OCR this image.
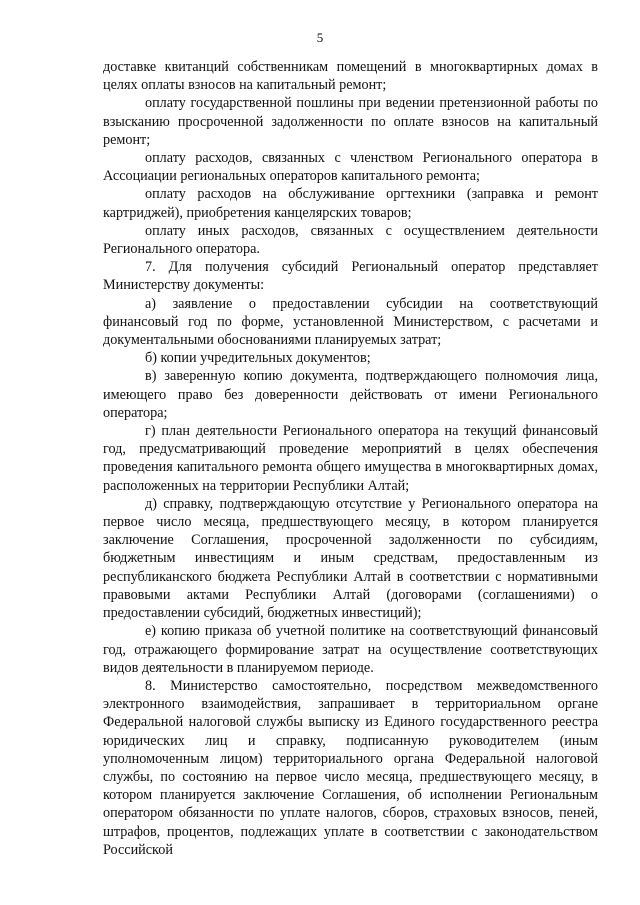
5

доставке квитанций собственникам помещений в многоквартирных домах в целях оплаты взносов на капитальный ремонт;

оплату государственной пошлины при ведении претензионной работы по взысканию просроченной задолженности по оплате взносов на капитальный ремонт;

оплату расходов, связанных с членством Регионального оператора в Ассоциации региональных операторов капитального ремонта;

оплату расходов на обслуживание оргтехники (заправка и ремонт картриджей), приобретения канцелярских товаров;

оплату иных расходов, связанных с осуществлением деятельности Регионального оператора.

7. Для получения субсидий Региональный оператор представляет Министерству документы:

а) заявление о предоставлении субсидии на соответствующий финансовый год по форме, установленной Министерством, с расчетами и документальными обоснованиями планируемых затрат;

б) копии учредительных документов;

в) заверенную копию документа, подтверждающего полномочия лица, имеющего право без доверенности действовать от имени Регионального оператора;

г) план деятельности Регионального оператора на текущий финансовый год, предусматривающий проведение мероприятий в целях обеспечения проведения капитального ремонта общего имущества в многоквартирных домах, расположенных на территории Республики Алтай;

д) справку, подтверждающую отсутствие у Регионального оператора на первое число месяца, предшествующего месяцу, в котором планируется заключение Соглашения, просроченной задолженности по субсидиям, бюджетным инвестициям и иным средствам, предоставленным из республиканского бюджета Республики Алтай в соответствии с нормативными правовыми актами Республики Алтай (договорами (соглашениями) о предоставлении субсидий, бюджетных инвестиций);

е) копию приказа об учетной политике на соответствующий финансовый год, отражающего формирование затрат на осуществление соответствующих видов деятельности в планируемом периоде.

8. Министерство самостоятельно, посредством межведомственного электронного взаимодействия, запрашивает в территориальном органе Федеральной налоговой службы выписку из Единого государственного реестра юридических лиц и справку, подписанную руководителем (иным уполномоченным лицом) территориального органа Федеральной налоговой службы, по состоянию на первое число месяца, предшествующего месяцу, в котором планируется заключение Соглашения, об исполнении Региональным оператором обязанности по уплате налогов, сборов, страховых взносов, пеней, штрафов, процентов, подлежащих уплате в соответствии с законодательством Российской
